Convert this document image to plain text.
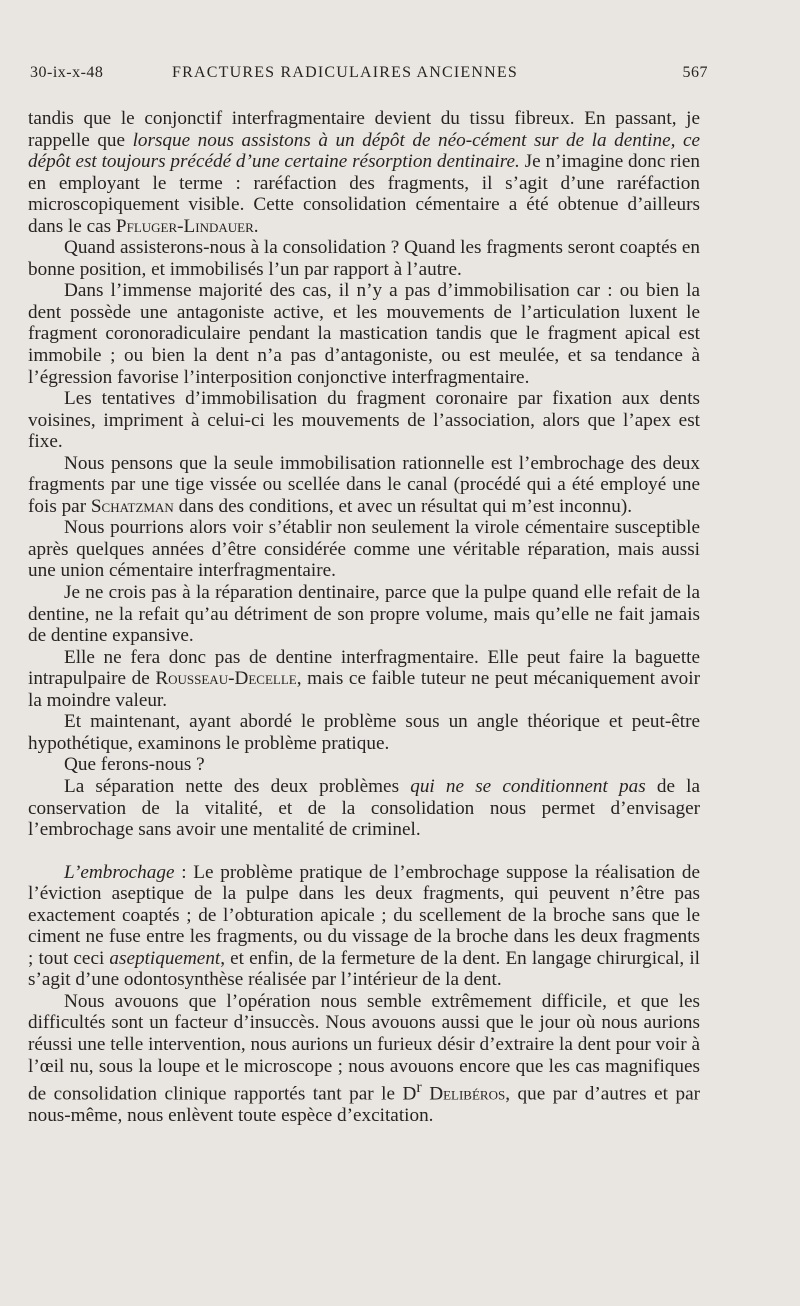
30-ix-x-48	FRACTURES RADICULAIRES ANCIENNES	567

tandis que le conjonctif interfragmentaire devient du tissu fibreux. En passant, je rappelle que lorsque nous assistons à un dépôt de néo-cément sur de la dentine, ce dépôt est toujours précédé d’une certaine résorption dentinaire. Je n’imagine donc rien en employant le terme : raréfaction des fragments, il s’agit d’une raréfaction microscopiquement visible. Cette consolidation cémentaire a été obtenue d’ailleurs dans le cas Pfluger-Lindauer.

Quand assisterons-nous à la consolidation ? Quand les fragments seront coaptés en bonne position, et immobilisés l’un par rapport à l’autre.

Dans l’immense majorité des cas, il n’y a pas d’immobilisation car : ou bien la dent possède une antagoniste active, et les mouvements de l’articulation luxent le fragment coronoradiculaire pendant la mastication tandis que le fragment apical est immobile ; ou bien la dent n’a pas d’antagoniste, ou est meulée, et sa tendance à l’égression favorise l’interposition conjonctive interfragmentaire.

Les tentatives d’immobilisation du fragment coronaire par fixation aux dents voisines, impriment à celui-ci les mouvements de l’association, alors que l’apex est fixe.

Nous pensons que la seule immobilisation rationnelle est l’embrochage des deux fragments par une tige vissée ou scellée dans le canal (procédé qui a été employé une fois par Schatzman dans des conditions, et avec un résultat qui m’est inconnu).

Nous pourrions alors voir s’établir non seulement la virole cémentaire susceptible après quelques années d’être considérée comme une véritable réparation, mais aussi une union cémentaire interfragmentaire.

Je ne crois pas à la réparation dentinaire, parce que la pulpe quand elle refait de la dentine, ne la refait qu’au détriment de son propre volume, mais qu’elle ne fait jamais de dentine expansive.

Elle ne fera donc pas de dentine interfragmentaire. Elle peut faire la baguette intrapulpaire de Rousseau-Decelle, mais ce faible tuteur ne peut mécaniquement avoir la moindre valeur.

Et maintenant, ayant abordé le problème sous un angle théorique et peut-être hypothétique, examinons le problème pratique.

Que ferons-nous ?

La séparation nette des deux problèmes qui ne se conditionnent pas de la conservation de la vitalité, et de la consolidation nous permet d’envisager l’embrochage sans avoir une mentalité de criminel.

L’embrochage : Le problème pratique de l’embrochage suppose la réalisation de l’éviction aseptique de la pulpe dans les deux fragments, qui peuvent n’être pas exactement coaptés ; de l’obturation apicale ; du scellement de la broche sans que le ciment ne fuse entre les fragments, ou du vissage de la broche dans les deux fragments ; tout ceci aseptiquement, et enfin, de la fermeture de la dent. En langage chirurgical, il s’agit d’une odontosynthèse réalisée par l’intérieur de la dent.

Nous avouons que l’opération nous semble extrêmement difficile, et que les difficultés sont un facteur d’insuccès. Nous avouons aussi que le jour où nous aurions réussi une telle intervention, nous aurions un furieux désir d’extraire la dent pour voir à l’œil nu, sous la loupe et le microscope ; nous avouons encore que les cas magnifiques de consolidation clinique rapportés tant par le $D^r$ Delibéros, que par d’autres et par nous-même, nous enlèvent toute espèce d’excitation.
